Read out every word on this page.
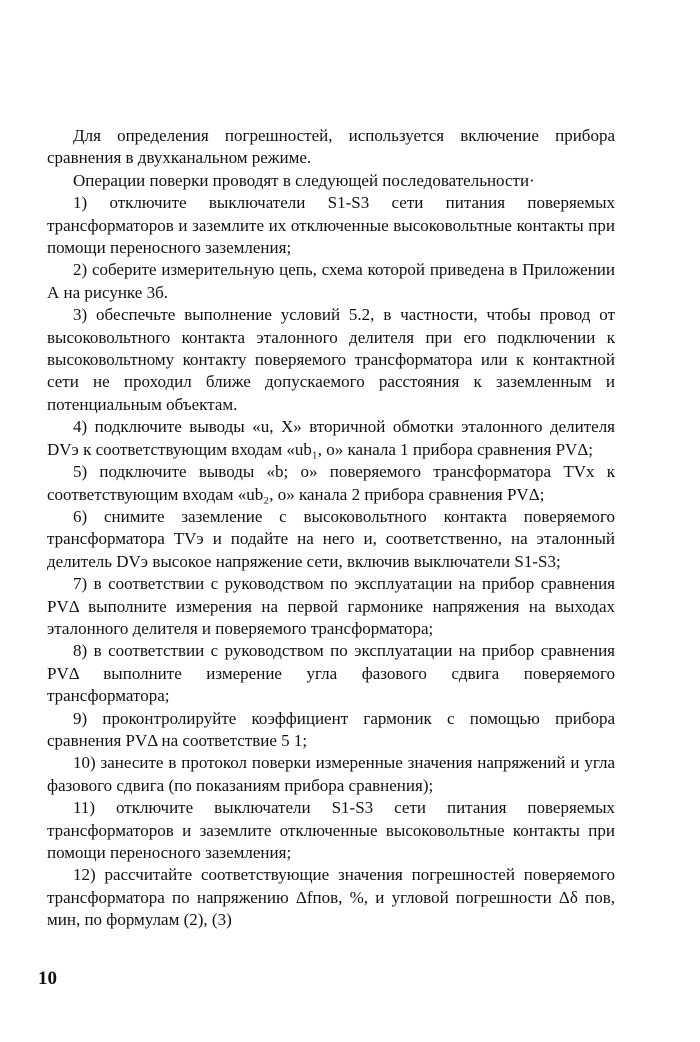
Для определения погрешностей, используется включение прибора сравнения в двухканальном режиме.

Операции поверки проводят в следующей последовательности·

1) отключите выключатели S1-S3 сети питания поверяемых трансформаторов и заземлите их отключенные высоковольтные контакты при помощи переносного заземления;

2) соберите измерительную цепь, схема которой приведена в Приложении А на рисунке 3б.

3) обеспечьте выполнение условий 5.2, в частности, чтобы провод от высоковольтного контакта эталонного делителя при его подключении к высоковольтному контакту поверяемого трансформатора или к контактной сети не проходил ближе допускаемого расстояния к заземленным и потенциальным объектам.

4) подключите выводы «u, X» вторичной обмотки эталонного делителя DVэ к соответствующим входам «ub₁, o» канала 1 прибора сравнения PVΔ;

5) подключите выводы «b; o» поверяемого трансформатора TVх к соответствующим входам «ub₂, o» канала 2 прибора сравнения PVΔ;

6) снимите заземление с высоковольтного контакта поверяемого трансформатора TVэ и подайте на него и, соответственно, на эталонный делитель DVэ высокое напряжение сети, включив выключатели S1-S3;

7) в соответствии с руководством по эксплуатации на прибор сравнения PVΔ выполните измерения на первой гармонике напряжения на выходах эталонного делителя и поверяемого трансформатора;

8) в соответствии с руководством по эксплуатации на прибор сравнения PVΔ выполните измерение угла фазового сдвига поверяемого трансформатора;

9) проконтролируйте коэффициент гармоник с помощью прибора сравнения PVΔ на соответствие 5 1;

10) занесите в протокол поверки измеренные значения напряжений и угла фазового сдвига (по показаниям прибора сравнения);

11) отключите выключатели S1-S3 сети питания поверяемых трансформаторов и заземлите отключенные высоковольтные контакты при помощи переносного заземления;

12) рассчитайте соответствующие значения погрешностей поверяемого трансформатора по напряжению Δfпов, %, и угловой погрешности Δδ пов, мин, по формулам (2), (3)

10
